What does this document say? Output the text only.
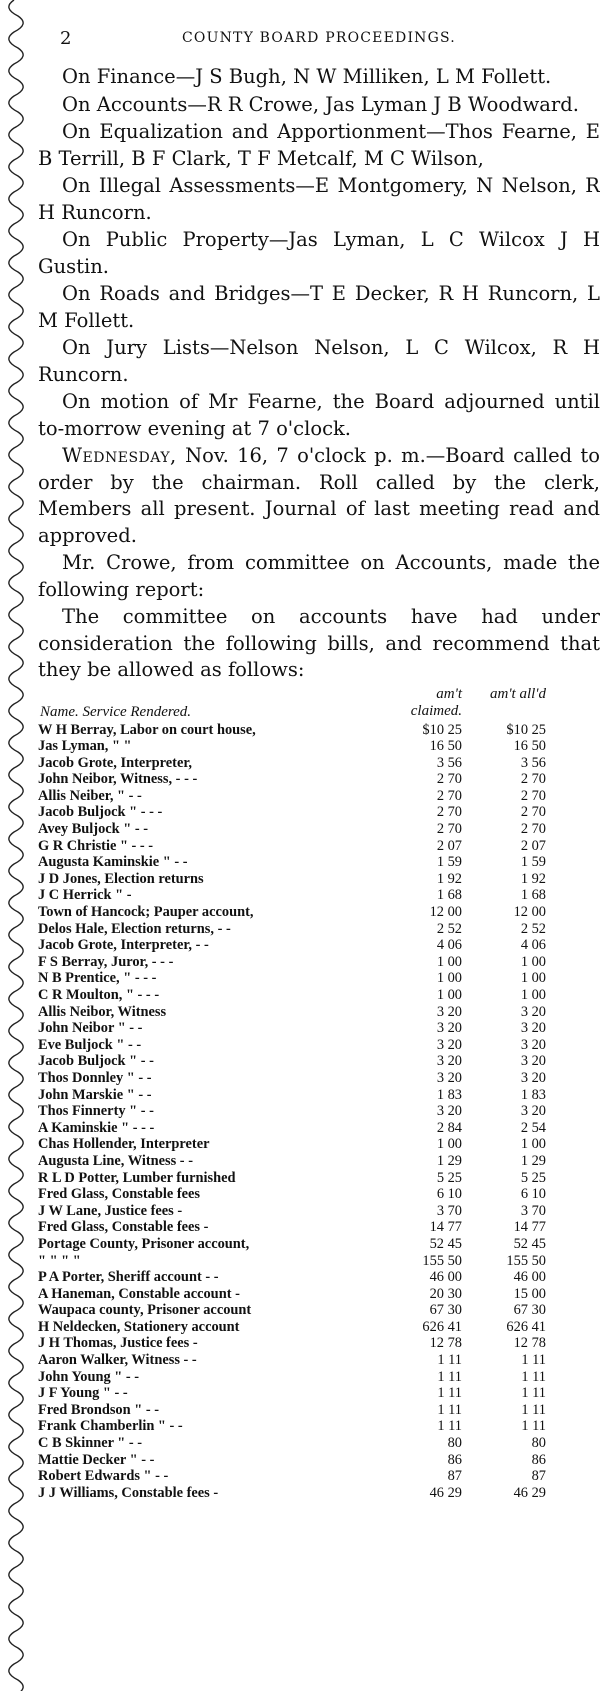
2	COUNTY BOARD PROCEEDINGS.

On Finance—J S Bugh, N W Milliken, L M Follett.

On Accounts—R R Crowe, Jas Lyman J B Woodward.

On Equalization and Apportionment—Thos Fearne, E B Terrill, B F Clark, T F Metcalf, M C Wilson,

On Illegal Assessments—E Montgomery, N Nelson, R H Runcorn.

On Public Property—Jas Lyman, L C Wilcox J H Gustin.

On Roads and Bridges—T E Decker, R H Runcorn, L M Follett.

On Jury Lists—Nelson Nelson, L C Wilcox, R H Runcorn.

On motion of Mr Fearne, the Board adjourned until to-morrow evening at 7 o'clock.

Wednesday, Nov. 16, 7 o'clock p. m.—Board called to order by the chairman. Roll called by the clerk, Members all present. Journal of last meeting read and approved.

Mr. Crowe, from committee on Accounts, made the following report:

The committee on accounts have had under consideration the following bills, and recommend that they be allowed as follows:

Name. Service Rendered.
am't claimed.
am't all'd
W H Berray, Labor on court house,	$10 25	$10 25
Jas Lyman, " "	16 50	16 50
Jacob Grote, Interpreter,	3 56	3 56
John Neibor, Witness, - - -	2 70	2 70
Allis Neiber, " - -	2 70	2 70
Jacob Buljock " - - -	2 70	2 70
Avey Buljock " - -	2 70	2 70
G R Christie " - - -	2 07	2 07
Augusta Kaminskie " - -	1 59	1 59
J D Jones, Election returns	1 92	1 92
J C Herrick " -	1 68	1 68
Town of Hancock; Pauper account,	12 00	12 00
Delos Hale, Election returns, - -	2 52	2 52
Jacob Grote, Interpreter, - -	4 06	4 06
F S Berray, Juror, - - -	1 00	1 00
N B Prentice, " - - -	1 00	1 00
C R Moulton, " - - -	1 00	1 00
Allis Neibor, Witness	3 20	3 20
John Neibor " - -	3 20	3 20
Eve Buljock " - -	3 20	3 20
Jacob Buljock " - -	3 20	3 20
Thos Donnley " - -	3 20	3 20
John Marskie " - -	1 83	1 83
Thos Finnerty " - -	3 20	3 20
A Kaminskie " - - -	2 84	2 54
Chas Hollender, Interpreter	1 00	1 00
Augusta Line, Witness - -	1 29	1 29
R L D Potter, Lumber furnished	5 25	5 25
Fred Glass, Constable fees	6 10	6 10
J W Lane, Justice fees -	3 70	3 70
Fred Glass, Constable fees -	14 77	14 77
Portage County, Prisoner account,	52 45	52 45
" " " "	155 50	155 50
P A Porter, Sheriff account - -	46 00	46 00
A Haneman, Constable account -	20 30	15 00
Waupaca county, Prisoner account	67 30	67 30
H Neldecken, Stationery account	626 41	626 41
J H Thomas, Justice fees -	12 78	12 78
Aaron Walker, Witness - -	1 11	1 11
John Young " - -	1 11	1 11
J F Young " - -	1 11	1 11
Fred Brondson " - -	1 11	1 11
Frank Chamberlin " - -	1 11	1 11
C B Skinner " - -	80	80
Mattie Decker " - -	86	86
Robert Edwards " - -	87	87
J J Williams, Constable fees -	46 29	46 29
